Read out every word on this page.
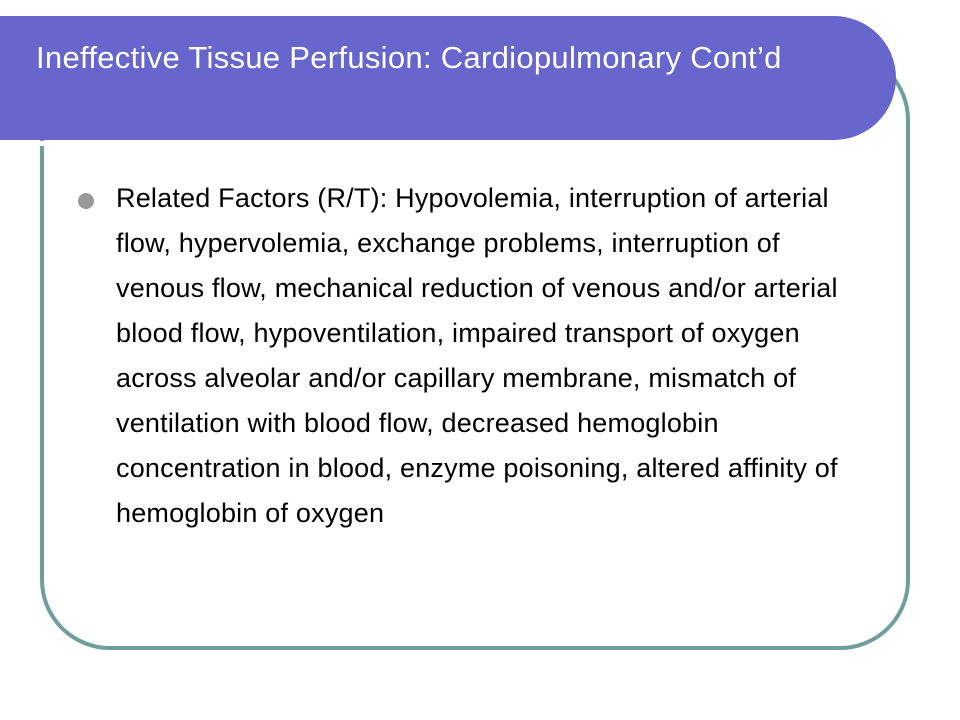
Ineffective Tissue Perfusion: Cardiopulmonary Cont’d
Related Factors (R/T): Hypovolemia, interruption of arterial flow, hypervolemia, exchange problems, interruption of venous flow, mechanical reduction of venous and/or arterial blood flow, hypoventilation, impaired transport of oxygen across alveolar and/or capillary membrane, mismatch of ventilation with blood flow, decreased hemoglobin concentration in blood, enzyme poisoning, altered affinity of hemoglobin of oxygen
